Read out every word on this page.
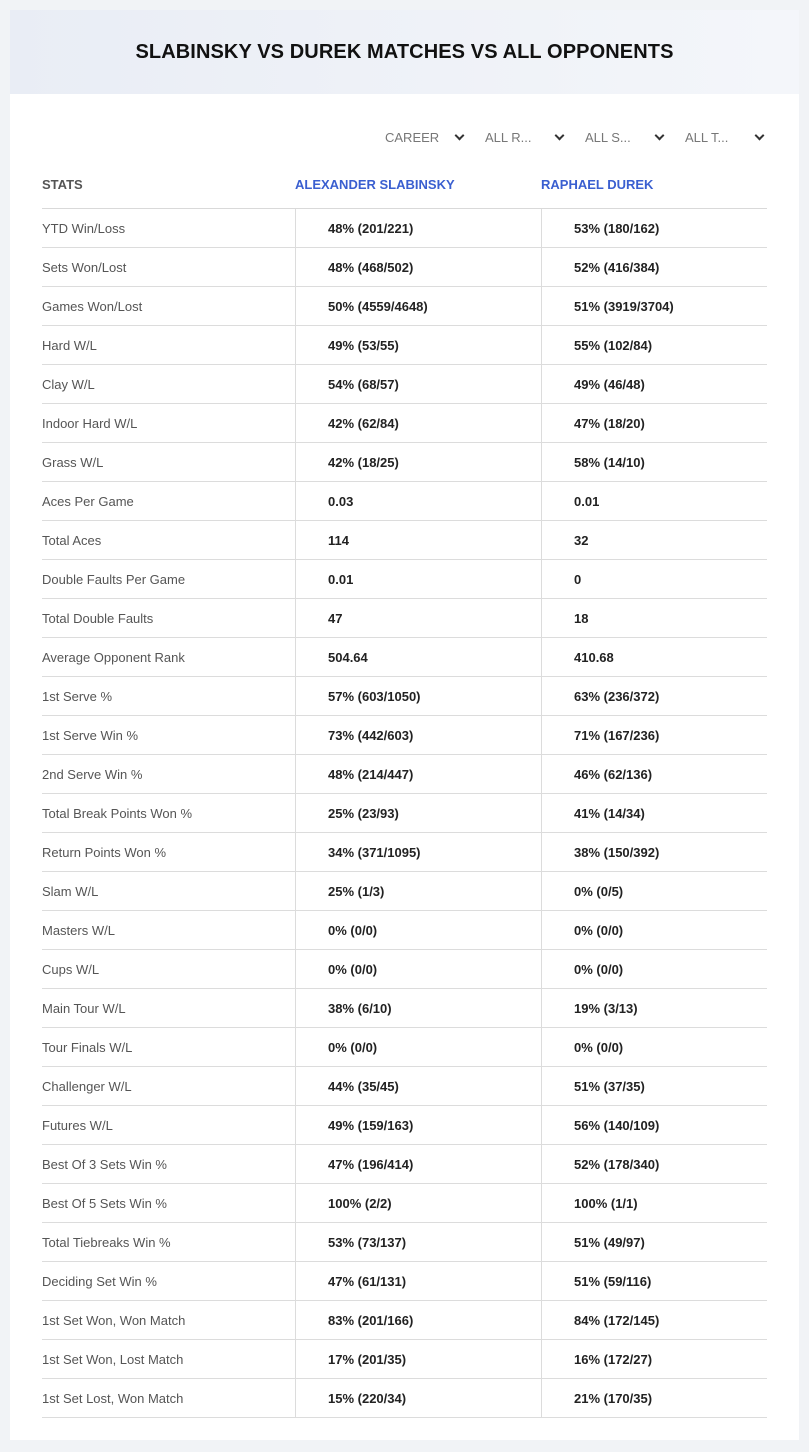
SLABINSKY VS DUREK MATCHES VS ALL OPPONENTS
CAREER	ALL R...	ALL S...	ALL T...
STATS	ALEXANDER SLABINSKY	RAPHAEL DUREK
YTD Win/Loss	48% (201/221)	53% (180/162)
Sets Won/Lost	48% (468/502)	52% (416/384)
Games Won/Lost	50% (4559/4648)	51% (3919/3704)
Hard W/L	49% (53/55)	55% (102/84)
Clay W/L	54% (68/57)	49% (46/48)
Indoor Hard W/L	42% (62/84)	47% (18/20)
Grass W/L	42% (18/25)	58% (14/10)
Aces Per Game	0.03	0.01
Total Aces	114	32
Double Faults Per Game	0.01	0
Total Double Faults	47	18
Average Opponent Rank	504.64	410.68
1st Serve %	57% (603/1050)	63% (236/372)
1st Serve Win %	73% (442/603)	71% (167/236)
2nd Serve Win %	48% (214/447)	46% (62/136)
Total Break Points Won %	25% (23/93)	41% (14/34)
Return Points Won %	34% (371/1095)	38% (150/392)
Slam W/L	25% (1/3)	0% (0/5)
Masters W/L	0% (0/0)	0% (0/0)
Cups W/L	0% (0/0)	0% (0/0)
Main Tour W/L	38% (6/10)	19% (3/13)
Tour Finals W/L	0% (0/0)	0% (0/0)
Challenger W/L	44% (35/45)	51% (37/35)
Futures W/L	49% (159/163)	56% (140/109)
Best Of 3 Sets Win %	47% (196/414)	52% (178/340)
Best Of 5 Sets Win %	100% (2/2)	100% (1/1)
Total Tiebreaks Win %	53% (73/137)	51% (49/97)
Deciding Set Win %	47% (61/131)	51% (59/116)
1st Set Won, Won Match	83% (201/166)	84% (172/145)
1st Set Won, Lost Match	17% (201/35)	16% (172/27)
1st Set Lost, Won Match	15% (220/34)	21% (170/35)
